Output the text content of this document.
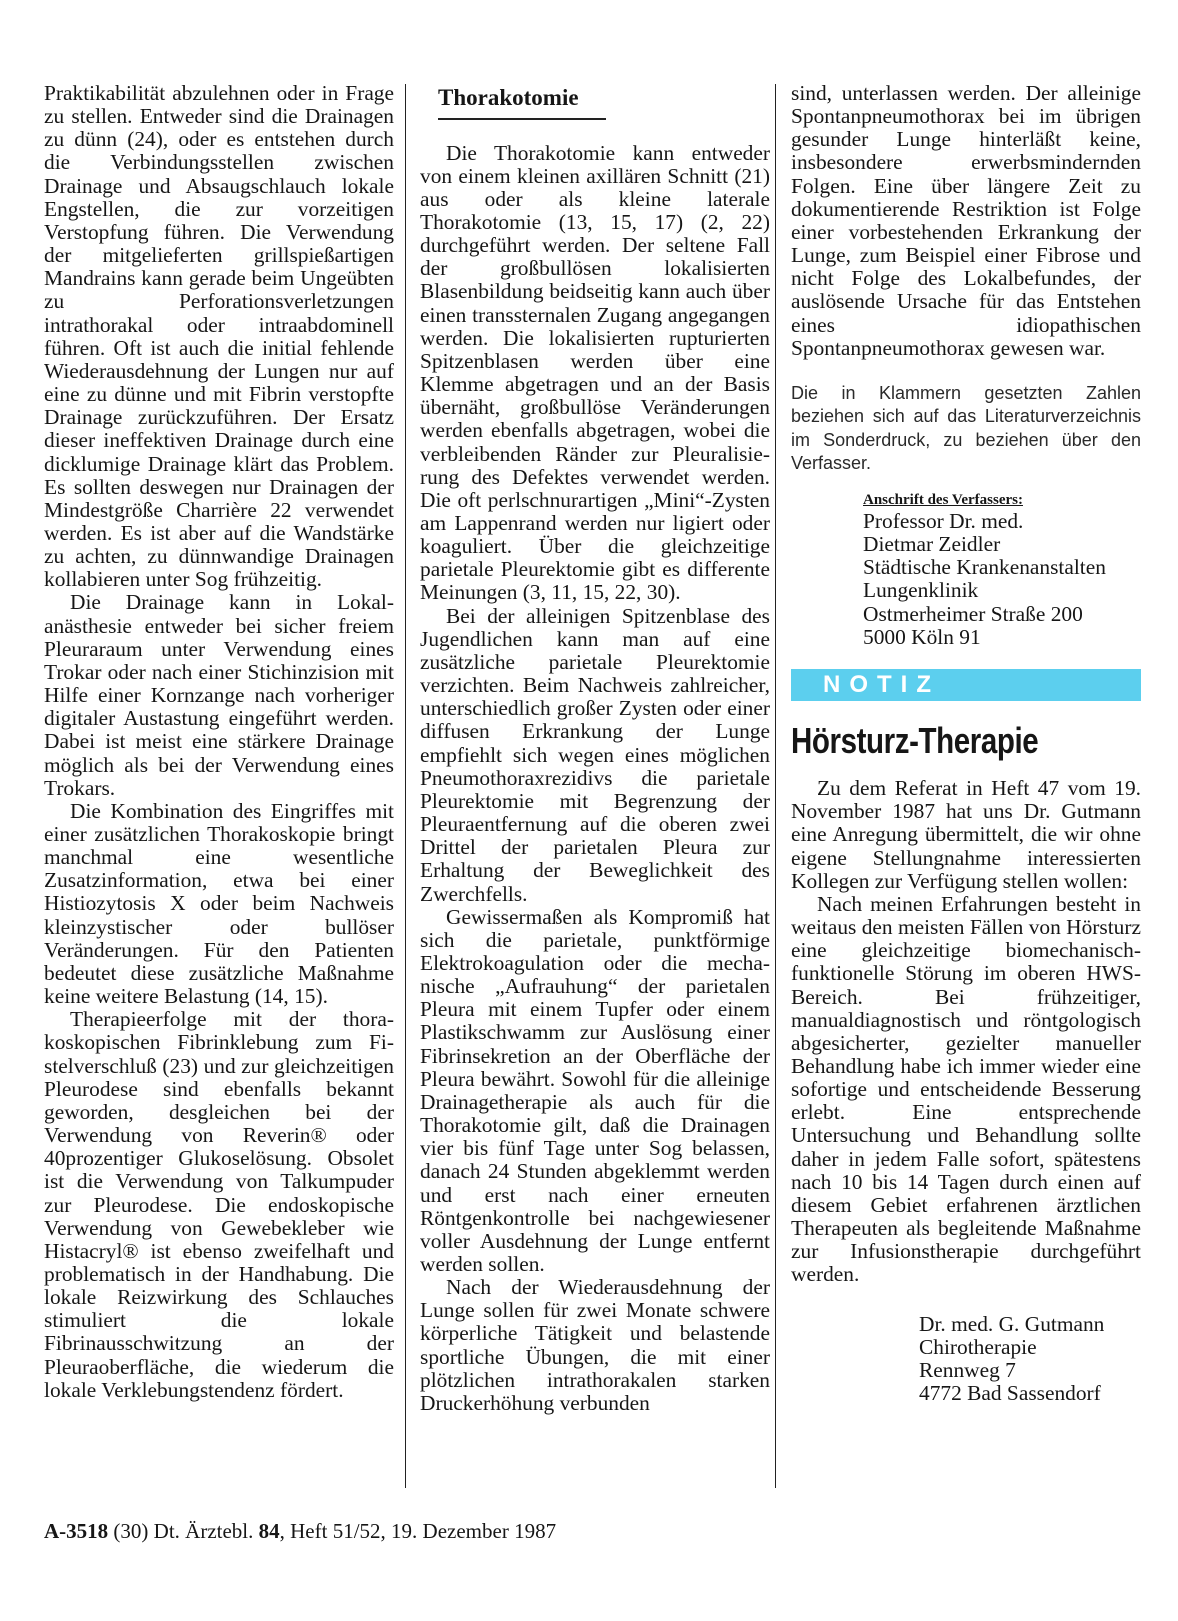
Praktikabilität abzulehnen oder in Frage zu stellen. Entweder sind die Drainagen zu dünn (24), oder es entstehen durch die Verbindungsstellen zwischen Drainage und Absaugschlauch lokale Engstellen, die zur vorzeitigen Verstopfung führen. Die Verwendung der mitgelieferten grillspießartigen Mandrains kann gerade beim Ungeübten zu Perforationsverletzungen intrathorakal oder intraabdominell führen. Oft ist auch die initial fehlende Wiederausdehnung der Lungen nur auf eine zu dünne und mit Fibrin verstopfte Drainage zurückzuführen. Der Ersatz dieser ineffektiven Drainage durch eine dicklumige Drainage klärt das Problem. Es sollten deswegen nur Drainagen der Mindestgröße Charrière 22 verwendet werden. Es ist aber auf die Wandstärke zu achten, zu dünnwandige Drainagen kollabieren unter Sog frühzeitig.

Die Drainage kann in Lokalanästhesie entweder bei sicher freiem Pleuraraum unter Verwendung eines Trokar oder nach einer Stichinzision mit Hilfe einer Kornzange nach vorheriger digitaler Austastung eingeführt werden. Dabei ist meist eine stärkere Drainage möglich als bei der Verwendung eines Trokars.

Die Kombination des Eingriffes mit einer zusätzlichen Thorakoskopie bringt manchmal eine wesentliche Zusatzinformation, etwa bei einer Histiozytosis X oder beim Nachweis kleinzystischer oder bullöser Veränderungen. Für den Patienten bedeutet diese zusätzliche Maßnahme keine weitere Belastung (14, 15).

Therapieerfolge mit der thorakoskopischen Fibrinklebung zum Fistelverschluß (23) und zur gleichzeitigen Pleurodese sind ebenfalls bekannt geworden, desgleichen bei der Verwendung von Reverin® oder 40prozentiger Glukoselösung. Obsolet ist die Verwendung von Talkumpuder zur Pleurodese. Die endoskopische Verwendung von Gewebekleber wie Histacryl® ist ebenso zweifelhaft und problematisch in der Handhabung. Die lokale Reizwirkung des Schlauches stimuliert die lokale Fibrinausschwitzung an der Pleuraoberfläche, die wiederum die lokale Verklebungstendenz fördert.

Thorakotomie

Die Thorakotomie kann entweder von einem kleinen axillären Schnitt (21) aus oder als kleine laterale Thorakotomie (13, 15, 17) (2, 22) durchgeführt werden. Der seltene Fall der großbullösen lokalisierten Blasenbildung beidseitig kann auch über einen transsternalen Zugang angegangen werden. Die lokalisierten rupturierten Spitzenblasen werden über eine Klemme abgetragen und an der Basis übernäht, großbullöse Veränderungen werden ebenfalls abgetragen, wobei die verbleibenden Ränder zur Pleuralisierung des Defektes verwendet werden. Die oft perlschnurartigen „Mini“-Zysten am Lappenrand werden nur ligiert oder koaguliert. Über die gleichzeitige parietale Pleurektomie gibt es differente Meinungen (3, 11, 15, 22, 30).

Bei der alleinigen Spitzenblase des Jugendlichen kann man auf eine zusätzliche parietale Pleurektomie verzichten. Beim Nachweis zahlreicher, unterschiedlich großer Zysten oder einer diffusen Erkrankung der Lunge empfiehlt sich wegen eines möglichen Pneumothoraxrezidivs die parietale Pleurektomie mit Begrenzung der Pleuraentfernung auf die oberen zwei Drittel der parietalen Pleura zur Erhaltung der Beweglichkeit des Zwerchfells.

Gewissermaßen als Kompromiß hat sich die parietale, punktförmige Elektrokoagulation oder die mechanische „Aufrauhung“ der parietalen Pleura mit einem Tupfer oder einem Plastikschwamm zur Auslösung einer Fibrinsekretion an der Oberfläche der Pleura bewährt. Sowohl für die alleinige Drainagetherapie als auch für die Thorakotomie gilt, daß die Drainagen vier bis fünf Tage unter Sog belassen, danach 24 Stunden abgeklemmt werden und erst nach einer erneuten Röntgenkontrolle bei nachgewiesener voller Ausdehnung der Lunge entfernt werden sollen.

Nach der Wiederausdehnung der Lunge sollen für zwei Monate schwere körperliche Tätigkeit und belastende sportliche Übungen, die mit einer plötzlichen intrathorakalen starken Druckerhöhung verbunden

sind, unterlassen werden. Der alleinige Spontanpneumothorax bei im übrigen gesunder Lunge hinterläßt keine, insbesondere erwerbsmindernden Folgen. Eine über längere Zeit zu dokumentierende Restriktion ist Folge einer vorbestehenden Erkrankung der Lunge, zum Beispiel einer Fibrose und nicht Folge des Lokalbefundes, der auslösende Ursache für das Entstehen eines idiopathischen Spontanpneumothorax gewesen war.

Die in Klammern gesetzten Zahlen beziehen sich auf das Literaturverzeichnis im Sonderdruck, zu beziehen über den Verfasser.

Anschrift des Verfassers:
Professor Dr. med.
Dietmar Zeidler
Städtische Krankenanstalten
Lungenklinik
Ostmerheimer Straße 200
5000 Köln 91
NOTIZ
Hörsturz-Therapie

Zu dem Referat in Heft 47 vom 19. November 1987 hat uns Dr. Gutmann eine Anregung übermittelt, die wir ohne eigene Stellungnahme interessierten Kollegen zur Verfügung stellen wollen:

Nach meinen Erfahrungen besteht in weitaus den meisten Fällen von Hörsturz eine gleichzeitige biomechanisch-funktionelle Störung im oberen HWS-Bereich. Bei frühzeitiger, manualdiagnostisch und röntgologisch abgesicherter, gezielter manueller Behandlung habe ich immer wieder eine sofortige und entscheidende Besserung erlebt. Eine entsprechende Untersuchung und Behandlung sollte daher in jedem Falle sofort, spätestens nach 10 bis 14 Tagen durch einen auf diesem Gebiet erfahrenen ärztlichen Therapeuten als begleitende Maßnahme zur Infusionstherapie durchgeführt werden.

Dr. med. G. Gutmann
Chirotherapie
Rennweg 7
4772 Bad Sassendorf
A-3518 (30) Dt. Ärztebl. 84, Heft 51/52, 19. Dezember 1987
